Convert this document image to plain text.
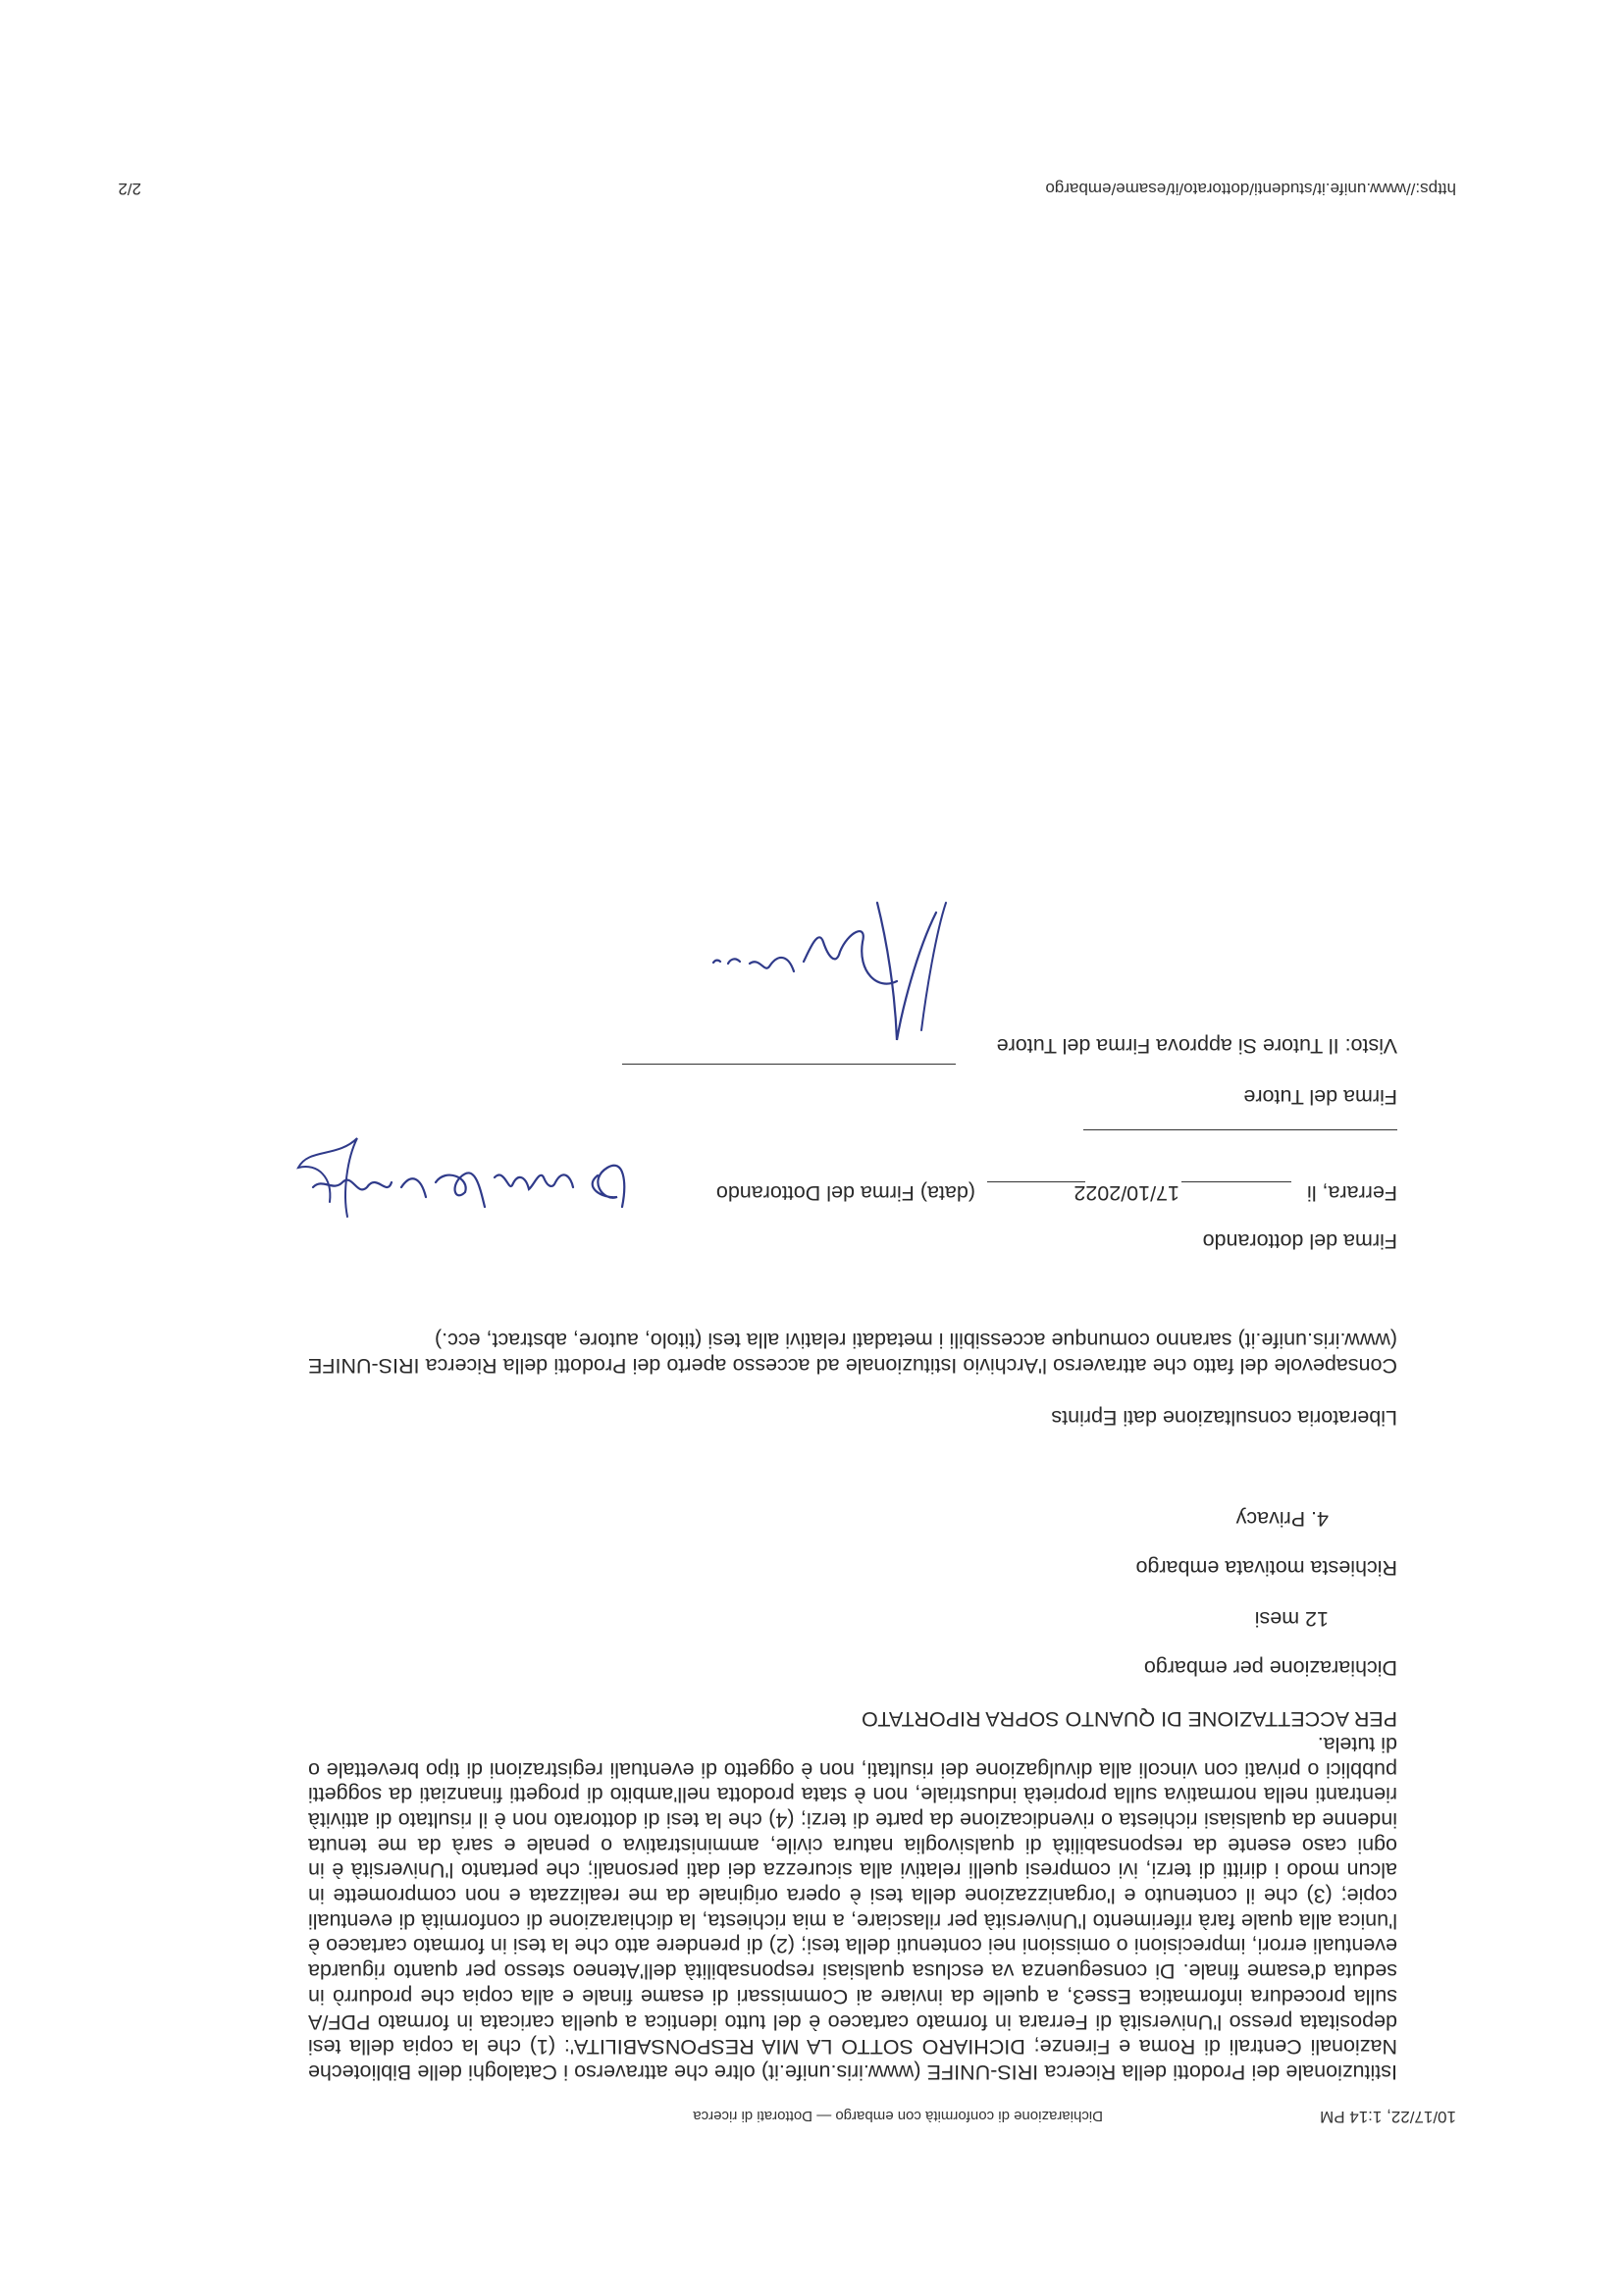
10/17/22, 1:14 PM
Dichiarazione di conformità con embargo — Dottorati di ricerca

Istituzionale dei Prodotti della Ricerca IRIS-UNIFE (www.iris.unife.it) oltre che attraverso i Cataloghi delle Biblioteche Nazionali Centrali di Roma e Firenze; DICHIARO SOTTO LA MIA RESPONSABILITA': (1) che la copia della tesi depositata presso l'Università di Ferrara in formato cartaceo è del tutto identica a quella caricata in formato PDF/A sulla procedura informatica Esse3, a quelle da inviare ai Commissari di esame finale e alla copia che produrrò in seduta d'esame finale. Di conseguenza va esclusa qualsiasi responsabilità dell'Ateneo stesso per quanto riguarda eventuali errori, imprecisioni o omissioni nei contenuti della tesi; (2) di prendere atto che la tesi in formato cartaceo è l'unica alla quale farà riferimento l'Università per rilasciare, a mia richiesta, la dichiarazione di conformità di eventuali copie; (3) che il contenuto e l'organizzazione della tesi è opera originale da me realizzata e non compromette in alcun modo i diritti di terzi, ivi compresi quelli relativi alla sicurezza dei dati personali; che pertanto l'Università è in ogni caso esente da responsabilità di qualsivoglia natura civile, amministrativa o penale e sarà da me tenuta indenne da qualsiasi richiesta o rivendicazione da parte di terzi; (4) che la tesi di dottorato non è il risultato di attività rientranti nella normativa sulla proprietà industriale, non è stata prodotta nell'ambito di progetti finanziati da soggetti pubblici o privati con vincoli alla divulgazione dei risultati, non è oggetto di eventuali registrazioni di tipo brevettale o di tutela.

PER ACCETTAZIONE DI QUANTO SOPRA RIPORTATO
Dichiarazione per embargo
12 mesi
Richiesta motivata embargo
4. Privacy
Liberatoria consultazione dati Eprints

Consapevole del fatto che attraverso l'Archivio Istituzionale ad accesso aperto dei Prodotti della Ricerca IRIS-UNIFE (www.iris.unife.it) saranno comunque accessibili i metadati relativi alla tesi (titolo, autore, abstract, ecc.)

Firma del dottorando
Ferrara, li
17/10/2022
(data) Firma del Dottorando
Firma del Tutore
Visto: Il Tutore Si approva Firma del Tutore
https://www.unife.it/studenti/dottorato/it/esame/embargo
2/2
